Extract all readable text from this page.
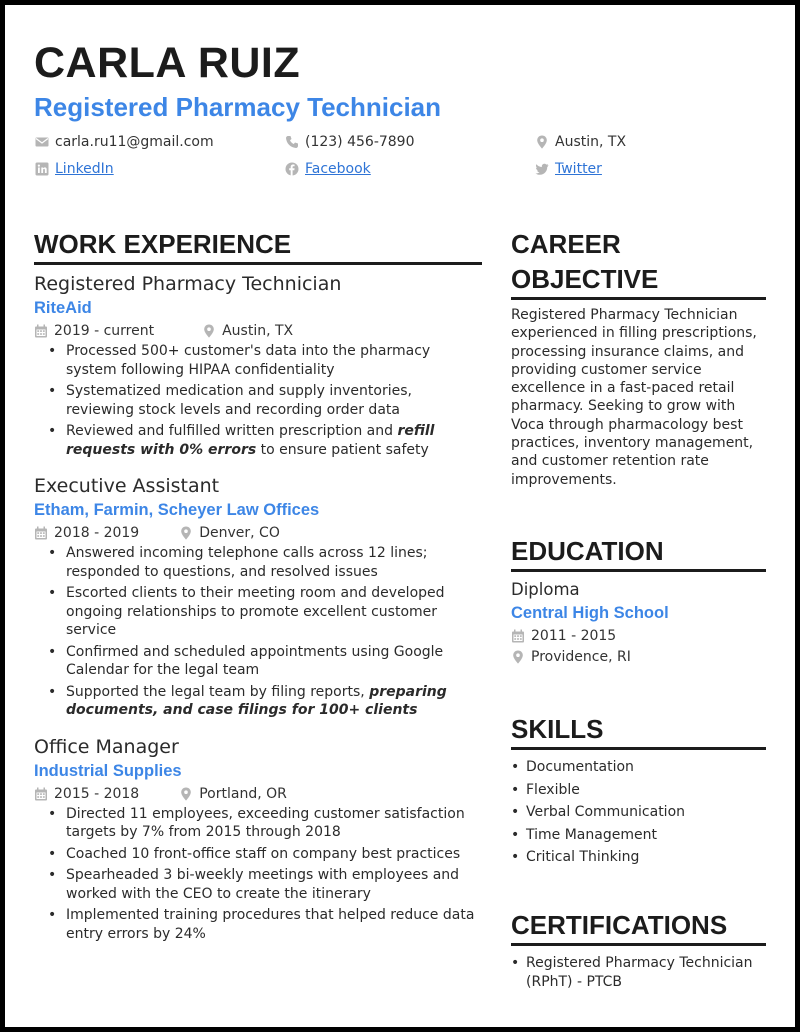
CARLA RUIZ
Registered Pharmacy Technician
carla.ru11@gmail.com	(123) 456-7890	Austin, TX
LinkedIn	Facebook	Twitter
WORK EXPERIENCE
Registered Pharmacy Technician
RiteAid
2019 - current	Austin, TX
• Processed 500+ customer's data into the pharmacy system following HIPAA confidentiality
• Systematized medication and supply inventories, reviewing stock levels and recording order data
• Reviewed and fulfilled written prescription and refill requests with 0% errors to ensure patient safety
Executive Assistant
Etham, Farmin, Scheyer Law Offices
2018 - 2019	Denver, CO
• Answered incoming telephone calls across 12 lines; responded to questions, and resolved issues
• Escorted clients to their meeting room and developed ongoing relationships to promote excellent customer service
• Confirmed and scheduled appointments using Google Calendar for the legal team
• Supported the legal team by filing reports, preparing documents, and case filings for 100+ clients
Office Manager
Industrial Supplies
2015 - 2018	Portland, OR
• Directed 11 employees, exceeding customer satisfaction targets by 7% from 2015 through 2018
• Coached 10 front-office staff on company best practices
• Spearheaded 3 bi-weekly meetings with employees and worked with the CEO to create the itinerary
• Implemented training procedures that helped reduce data entry errors by 24%
CAREER
OBJECTIVE
Registered Pharmacy Technician experienced in filling prescriptions, processing insurance claims, and providing customer service excellence in a fast-paced retail pharmacy. Seeking to grow with Voca through pharmacology best practices, inventory management, and customer retention rate improvements.
EDUCATION
Diploma
Central High School
2011 - 2015
Providence, RI
SKILLS
• Documentation
• Flexible
• Verbal Communication
• Time Management
• Critical Thinking
CERTIFICATIONS
• Registered Pharmacy Technician (RPhT) - PTCB
